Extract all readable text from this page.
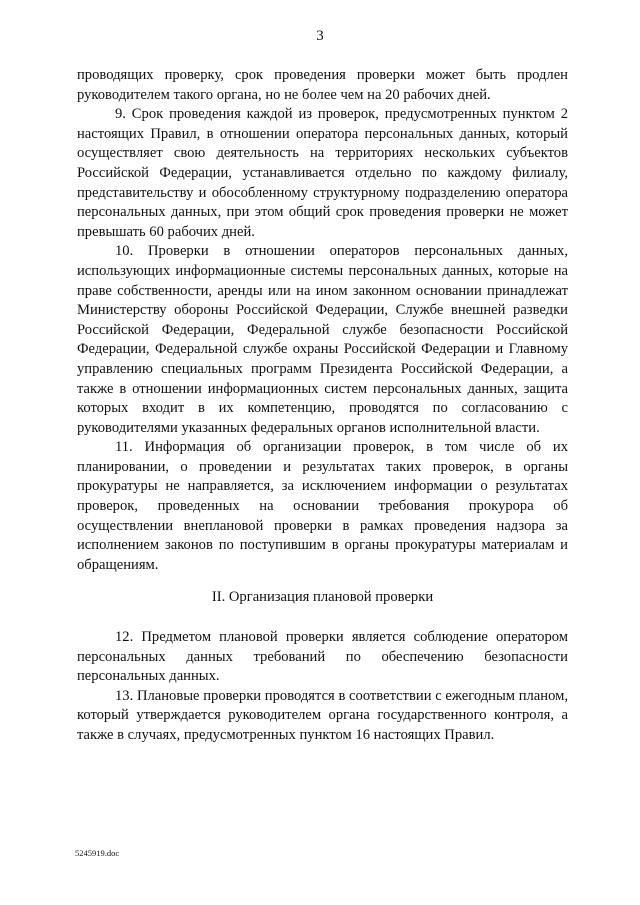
3

проводящих проверку, срок проведения проверки может быть продлен руководителем такого органа, но не более чем на 20 рабочих дней.

9. Срок проведения каждой из проверок, предусмотренных пунктом 2 настоящих Правил, в отношении оператора персональных данных, который осуществляет свою деятельность на территориях нескольких субъектов Российской Федерации, устанавливается отдельно по каждому филиалу, представительству и обособленному структурному подразделению оператора персональных данных, при этом общий срок проведения проверки не может превышать 60 рабочих дней.

10. Проверки в отношении операторов персональных данных, использующих информационные системы персональных данных, которые на праве собственности, аренды или на ином законном основании принадлежат Министерству обороны Российской Федерации, Службе внешней разведки Российской Федерации, Федеральной службе безопасности Российской Федерации, Федеральной службе охраны Российской Федерации и Главному управлению специальных программ Президента Российской Федерации, а также в отношении информационных систем персональных данных, защита которых входит в их компетенцию, проводятся по согласованию с руководителями указанных федеральных органов исполнительной власти.

11. Информация об организации проверок, в том числе об их планировании, о проведении и результатах таких проверок, в органы прокуратуры не направляется, за исключением информации о результатах проверок, проведенных на основании требования прокурора об осуществлении внеплановой проверки в рамках проведения надзора за исполнением законов по поступившим в органы прокуратуры материалам и обращениям.

II. Организация плановой проверки

12. Предметом плановой проверки является соблюдение оператором персональных данных требований по обеспечению безопасности персональных данных.

13. Плановые проверки проводятся в соответствии с ежегодным планом, который утверждается руководителем органа государственного контроля, а также в случаях, предусмотренных пунктом 16 настоящих Правил.

5245919.doc
